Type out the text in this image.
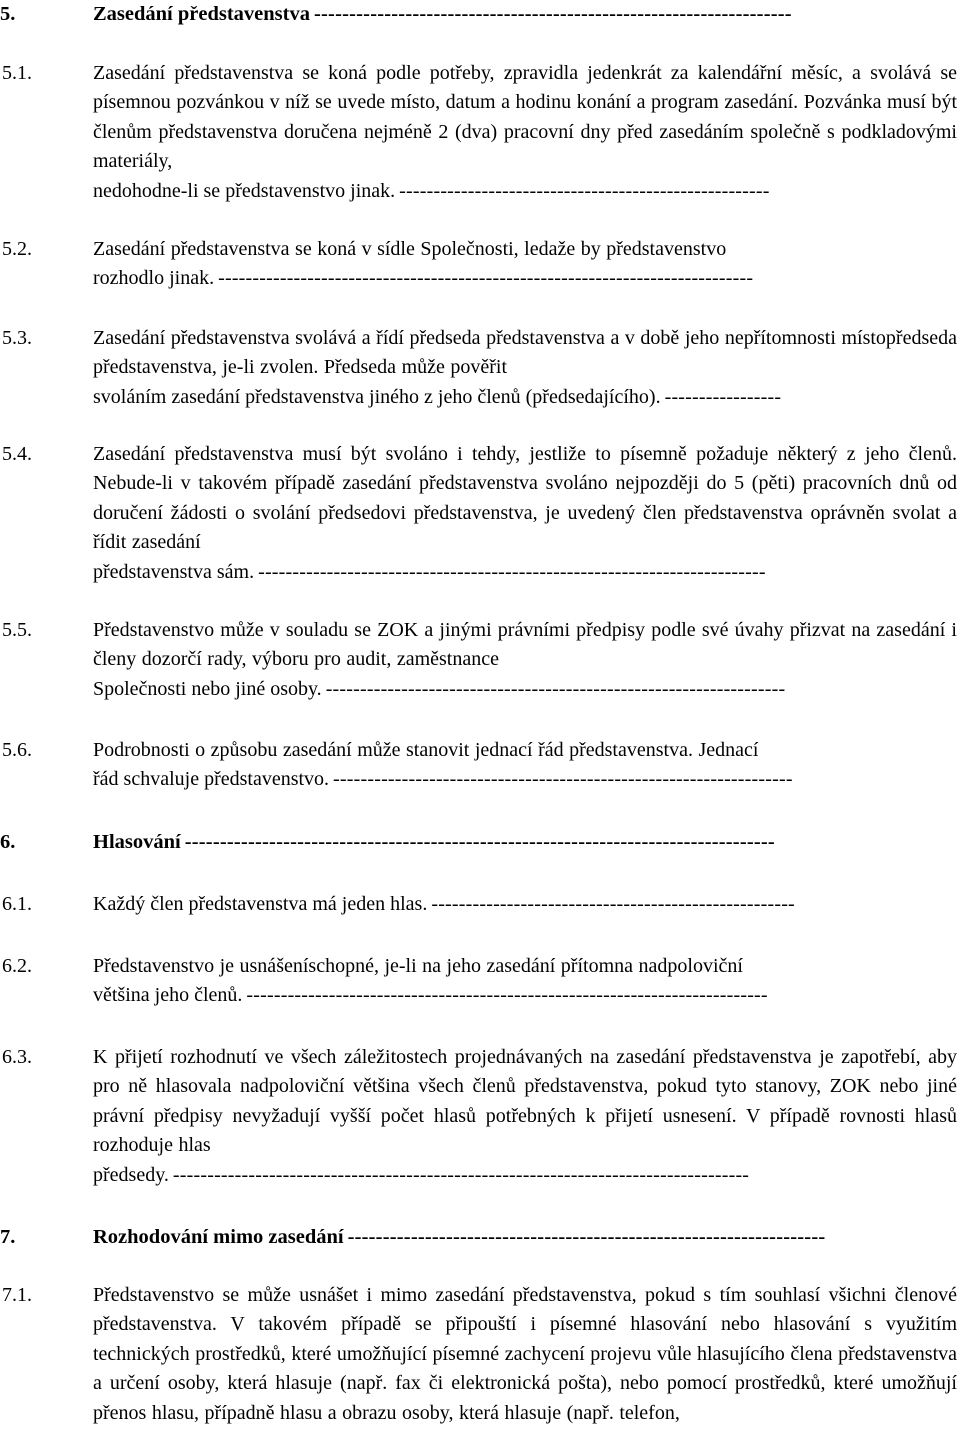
5.	Zasedání představenstva --------------------------------------------------------------------
5.1.	Zasedání představenstva se koná podle potřeby, zpravidla jedenkrát za kalendářní měsíc, a svolává se písemnou pozvánkou v níž se uvede místo, datum a hodinu konání a program zasedání. Pozvánka musí být členům představenstva doručena nejméně 2 (dva) pracovní dny před zasedáním společně s podkladovými materiály,
nedohodne-li se představenstvo jinak. ------------------------------------------------------
5.2.	Zasedání představenstva se koná v sídle Společnosti, ledaže by představenstvo
rozhodlo jinak. ------------------------------------------------------------------------------
5.3.	Zasedání představenstva svolává a řídí předseda představenstva a v době jeho nepřítomnosti místopředseda představenstva, je-li zvolen. Předseda může pověřit
svoláním zasedání představenstva jiného z jeho členů (předsedajícího). -----------------
5.4.	Zasedání představenstva musí být svoláno i tehdy, jestliže to písemně požaduje některý z jeho členů. Nebude-li v takovém případě zasedání představenstva svoláno nejpozději do 5 (pěti) pracovních dnů od doručení žádosti o svolání předsedovi představenstva, je uvedený člen představenstva oprávněn svolat a řídit zasedání
představenstva sám. --------------------------------------------------------------------------
5.5.	Představenstvo může v souladu se ZOK a jinými právními předpisy podle své úvahy přizvat na zasedání i členy dozorčí rady, výboru pro audit, zaměstnance
Společnosti nebo jiné osoby. -------------------------------------------------------------------
5.6.	Podrobnosti o způsobu zasedání může stanovit jednací řád představenstva. Jednací
řád schvaluje představenstvo. -------------------------------------------------------------------
6.	Hlasování ------------------------------------------------------------------------------------
6.1.	Každý člen představenstva má jeden hlas. -----------------------------------------------------
6.2.	Představenstvo je usnášeníschopné, je-li na jeho zasedání přítomna nadpoloviční
většina jeho členů. ----------------------------------------------------------------------------
6.3.	K přijetí rozhodnutí ve všech záležitostech projednávaných na zasedání představenstva je zapotřebí, aby pro ně hlasovala nadpoloviční většina všech členů představenstva, pokud tyto stanovy, ZOK nebo jiné právní předpisy nevyžadují vyšší počet hlasů potřebných k přijetí usnesení. V případě rovnosti hlasů rozhoduje hlas
předsedy. ------------------------------------------------------------------------------------
7.	Rozhodování mimo zasedání --------------------------------------------------------------------
7.1.	Představenstvo se může usnášet i mimo zasedání představenstva, pokud s tím souhlasí všichni členové představenstva. V takovém případě se připouští i písemné hlasování nebo hlasování s využitím technických prostředků, které umožňující písemné zachycení projevu vůle hlasujícího člena představenstva a určení osoby, která hlasuje (např. fax či elektronická pošta), nebo pomocí prostředků, které umožňují přenos hlasu, případně hlasu a obrazu osoby, která hlasuje (např. telefon,
